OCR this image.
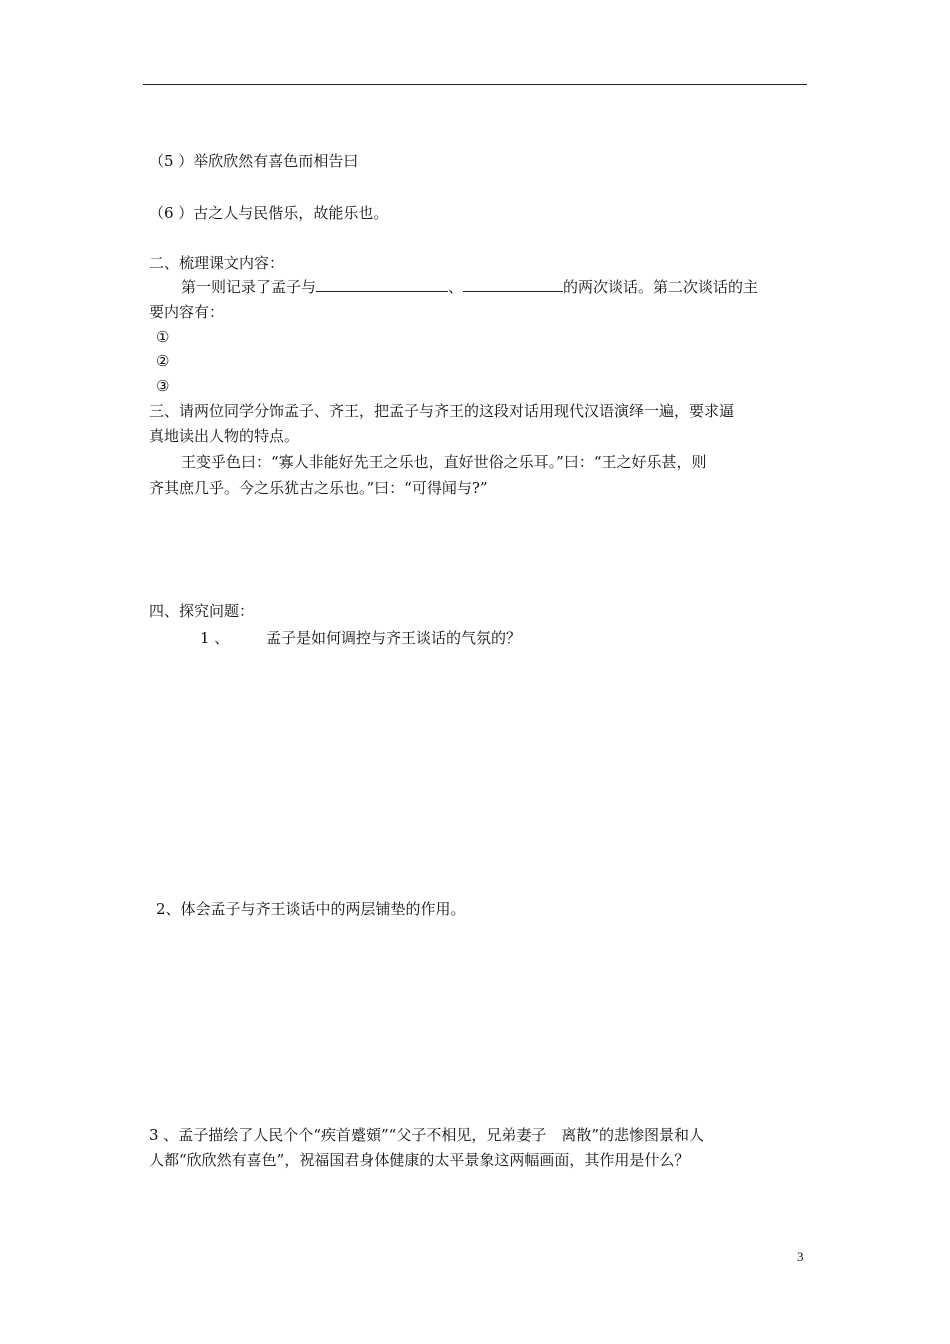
（5 ）举欣欣然有喜色而相告曰
（6 ）古之人与民偕乐，故能乐也。
二、梳理课文内容：
第一则记录了孟子与	、	的两次谈话。第二次谈话的主
要内容有：
①
②
③
三、请两位同学分饰孟子、齐王，把孟子与齐王的这段对话用现代汉语演绎一遍，要求逼
真地读出人物的特点。
王变乎色曰：“寡人非能好先王之乐也，直好世俗之乐耳。”曰：“王之好乐甚，则
齐其庶几乎。今之乐犹古之乐也。”曰：“可得闻与?”
四、探究问题：
1 、 孟子是如何调控与齐王谈话的气氛的？
2、体会孟子与齐王谈话中的两层铺垫的作用。
3 、孟子描绘了人民个个“疾首蹙頞”“父子不相见，兄弟妻子　离散”的悲惨图景和人
人都“欣欣然有喜色”，祝福国君身体健康的太平景象这两幅画面，其作用是什么？
3
